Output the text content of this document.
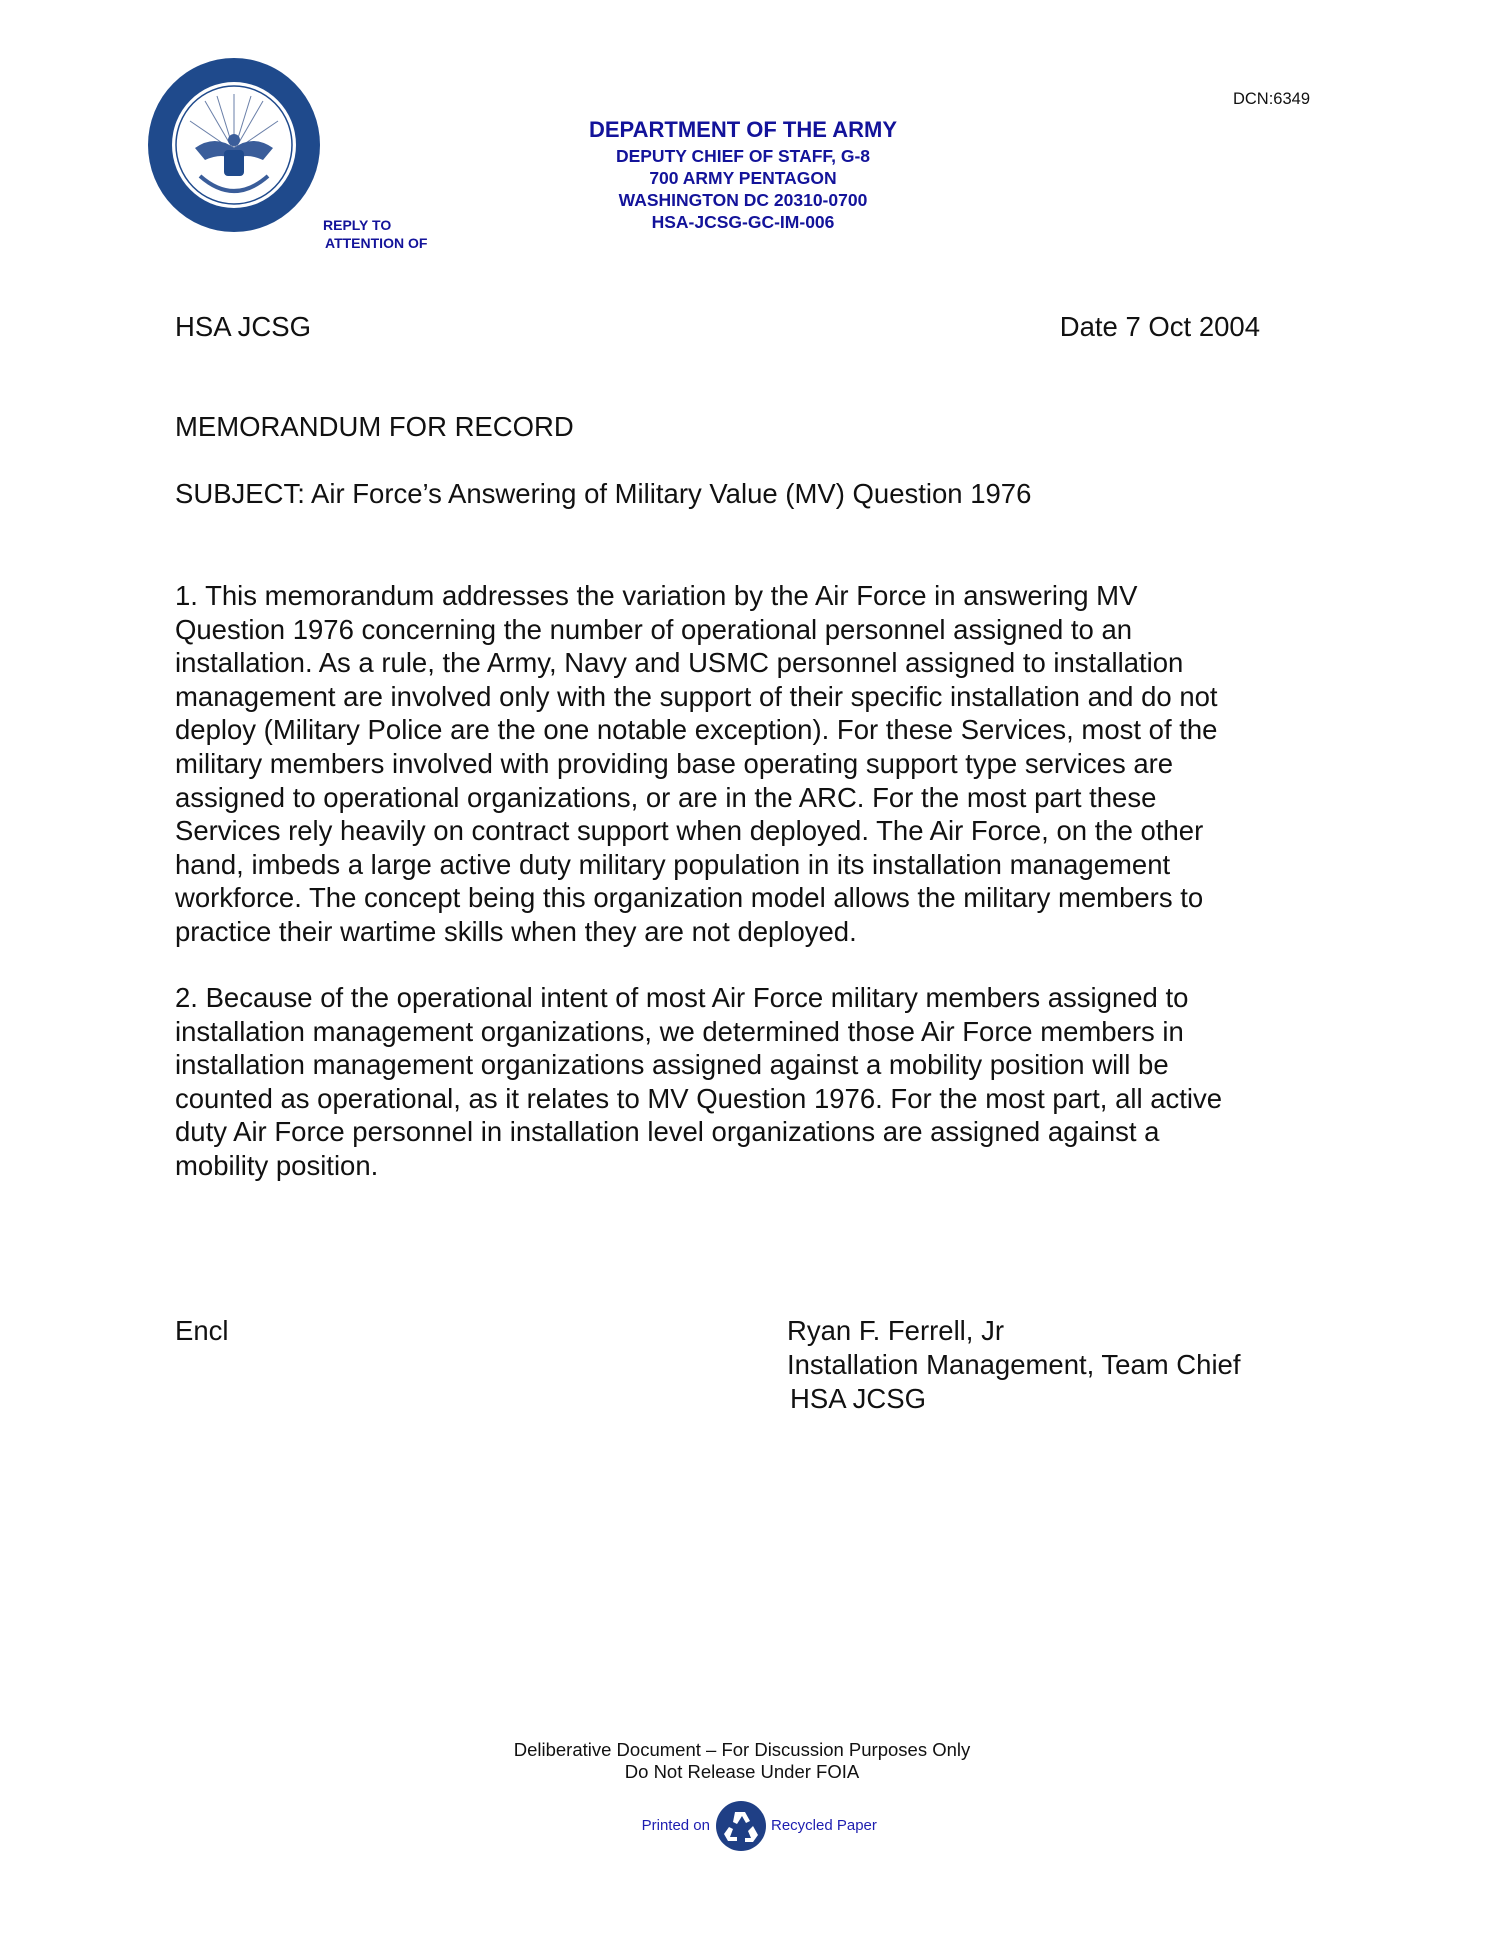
DCN:6349
DEPARTMENT OF THE ARMY
DEPUTY CHIEF OF STAFF, G-8
700 ARMY PENTAGON
WASHINGTON DC 20310-0700
HSA-JCSG-GC-IM-006
REPLY TO
ATTENTION OF
HSA JCSG	Date 7 Oct 2004
MEMORANDUM FOR RECORD
SUBJECT: Air Force’s Answering of Military Value (MV) Question 1976
1. This memorandum addresses the variation by the Air Force in answering MV
Question 1976 concerning the number of operational personnel assigned to an
installation. As a rule, the Army, Navy and USMC personnel assigned to installation
management are involved only with the support of their specific installation and do not
deploy (Military Police are the one notable exception). For these Services, most of the
military members involved with providing base operating support type services are
assigned to operational organizations, or are in the ARC. For the most part these
Services rely heavily on contract support when deployed. The Air Force, on the other
hand, imbeds a large active duty military population in its installation management
workforce. The concept being this organization model allows the military members to
practice their wartime skills when they are not deployed.
2. Because of the operational intent of most Air Force military members assigned to
installation management organizations, we determined those Air Force members in
installation management organizations assigned against a mobility position will be
counted as operational, as it relates to MV Question 1976. For the most part, all active
duty Air Force personnel in installation level organizations are assigned against a
mobility position.
Encl	Ryan F. Ferrell, Jr
Installation Management, Team Chief
HSA JCSG
Deliberative Document – For Discussion Purposes Only
Do Not Release Under FOIA
Printed on	Recycled Paper
